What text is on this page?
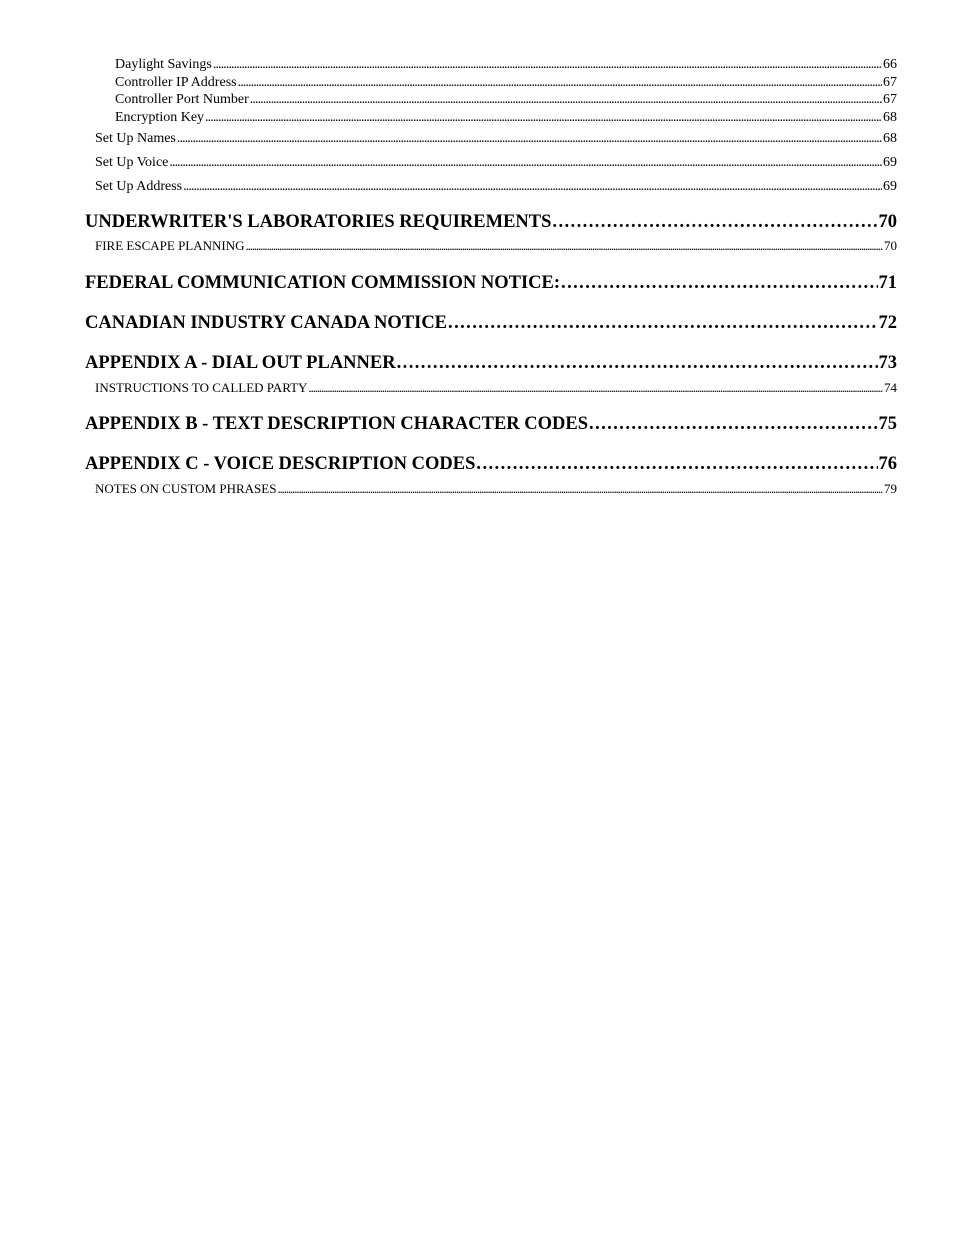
Daylight Savings . . .	66
Controller IP Address . . .	67
Controller Port Number . . .	67
Encryption Key . . .	68
Set Up Names . . .	68
Set Up Voice . . .	69
Set Up Address . . .	69
UNDERWRITER'S LABORATORIES REQUIREMENTS . . .	70
FIRE ESCAPE PLANNING . . .	70
FEDERAL COMMUNICATION COMMISSION NOTICE: . . .	71
CANADIAN INDUSTRY CANADA NOTICE . . .	72
APPENDIX A - DIAL OUT PLANNER . . .	73
INSTRUCTIONS TO CALLED PARTY . . .	74
APPENDIX B - TEXT DESCRIPTION CHARACTER CODES . . .	75
APPENDIX C - VOICE DESCRIPTION CODES . . .	76
NOTES ON CUSTOM PHRASES . . .	79
